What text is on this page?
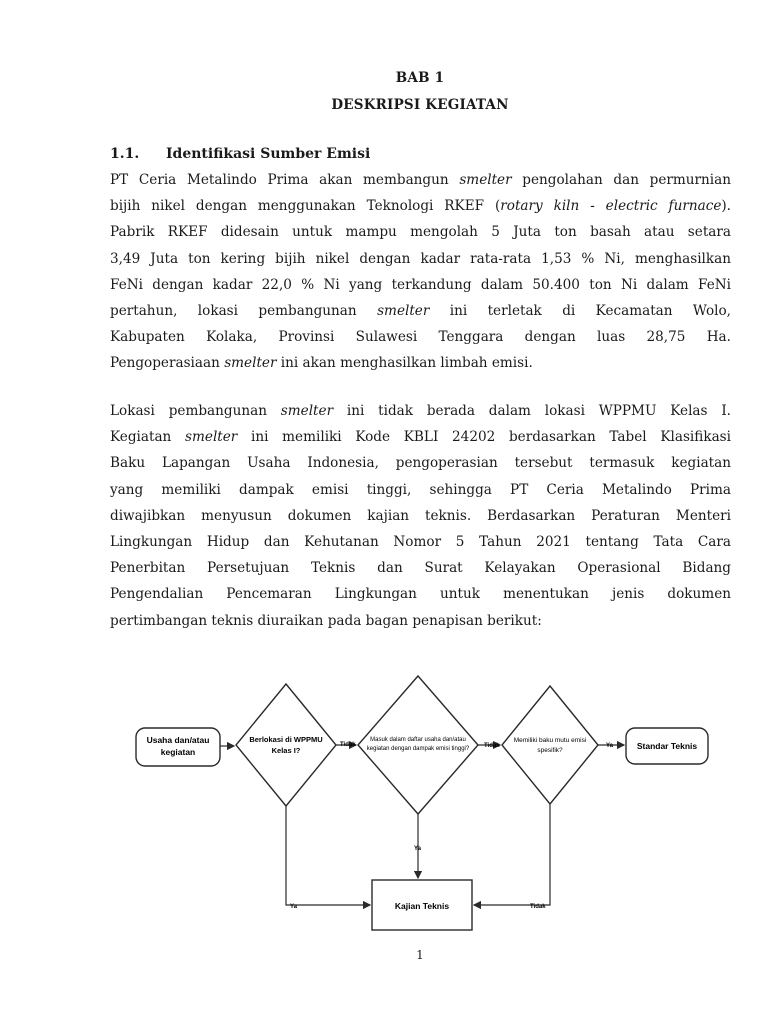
BAB 1
DESKRIPSI KEGIATAN
1.1. Identifikasi Sumber Emisi
PT Ceria Metalindo Prima akan membangun smelter pengolahan dan permurnian
bijih nikel dengan menggunakan Teknologi RKEF (rotary kiln - electric furnace).
Pabrik RKEF didesain untuk mampu mengolah 5 Juta ton basah atau setara
3,49 Juta ton kering bijih nikel dengan kadar rata-rata 1,53 % Ni, menghasilkan
FeNi dengan kadar 22,0 % Ni yang terkandung dalam 50.400 ton Ni dalam FeNi
pertahun, lokasi pembangunan smelter ini terletak di Kecamatan Wolo,
Kabupaten Kolaka, Provinsi Sulawesi Tenggara dengan luas 28,75 Ha.
Pengoperasiaan smelter ini akan menghasilkan limbah emisi.
Lokasi pembangunan smelter ini tidak berada dalam lokasi WPPMU Kelas I.
Kegiatan smelter ini memiliki Kode KBLI 24202 berdasarkan Tabel Klasifikasi
Baku Lapangan Usaha Indonesia, pengoperasian tersebut termasuk kegiatan
yang memiliki dampak emisi tinggi, sehingga PT Ceria Metalindo Prima
diwajibkan menyusun dokumen kajian teknis. Berdasarkan Peraturan Menteri
Lingkungan Hidup dan Kehutanan Nomor 5 Tahun 2021 tentang Tata Cara
Penerbitan Persetujuan Teknis dan Surat Kelayakan Operasional Bidang
Pengendalian Pencemaran Lingkungan untuk menentukan jenis dokumen
pertimbangan teknis diuraikan pada bagan penapisan berikut:
Usaha dan/atau
kegiatan
Berlokasi di WPPMU
Kelas I?
Masuk dalam daftar usaha dan/atau
kegiatan dengan dampak emisi tinggi?
Memiliki baku mutu emisi
spesifik?	Standar Teknis
Kajian Teknis
Tidak	Tidak	Ya
Ya
Ya	Tidak
1
